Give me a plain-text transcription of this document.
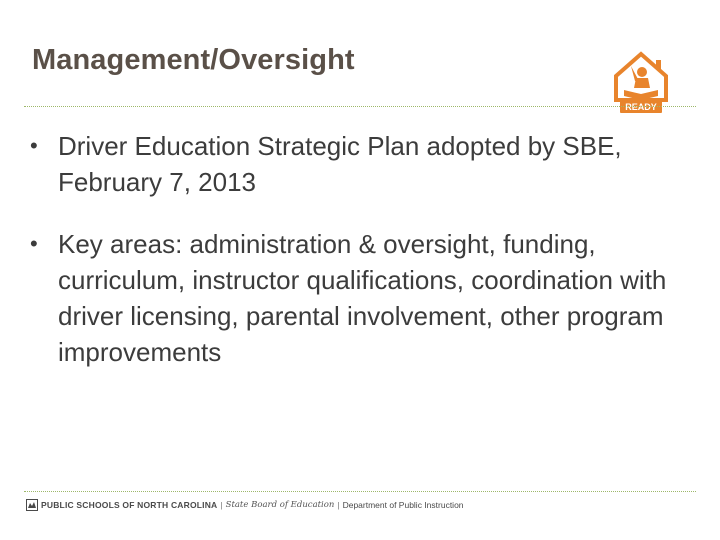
Management/Oversight
READY
• Driver Education Strategic Plan adopted by SBE, February 7, 2013
• Key areas: administration & oversight, funding, curriculum, instructor qualifications, coordination with driver licensing, parental involvement, other program improvements
PUBLIC SCHOOLS OF NORTH CAROLINA | State Board of Education | Department of Public Instruction
